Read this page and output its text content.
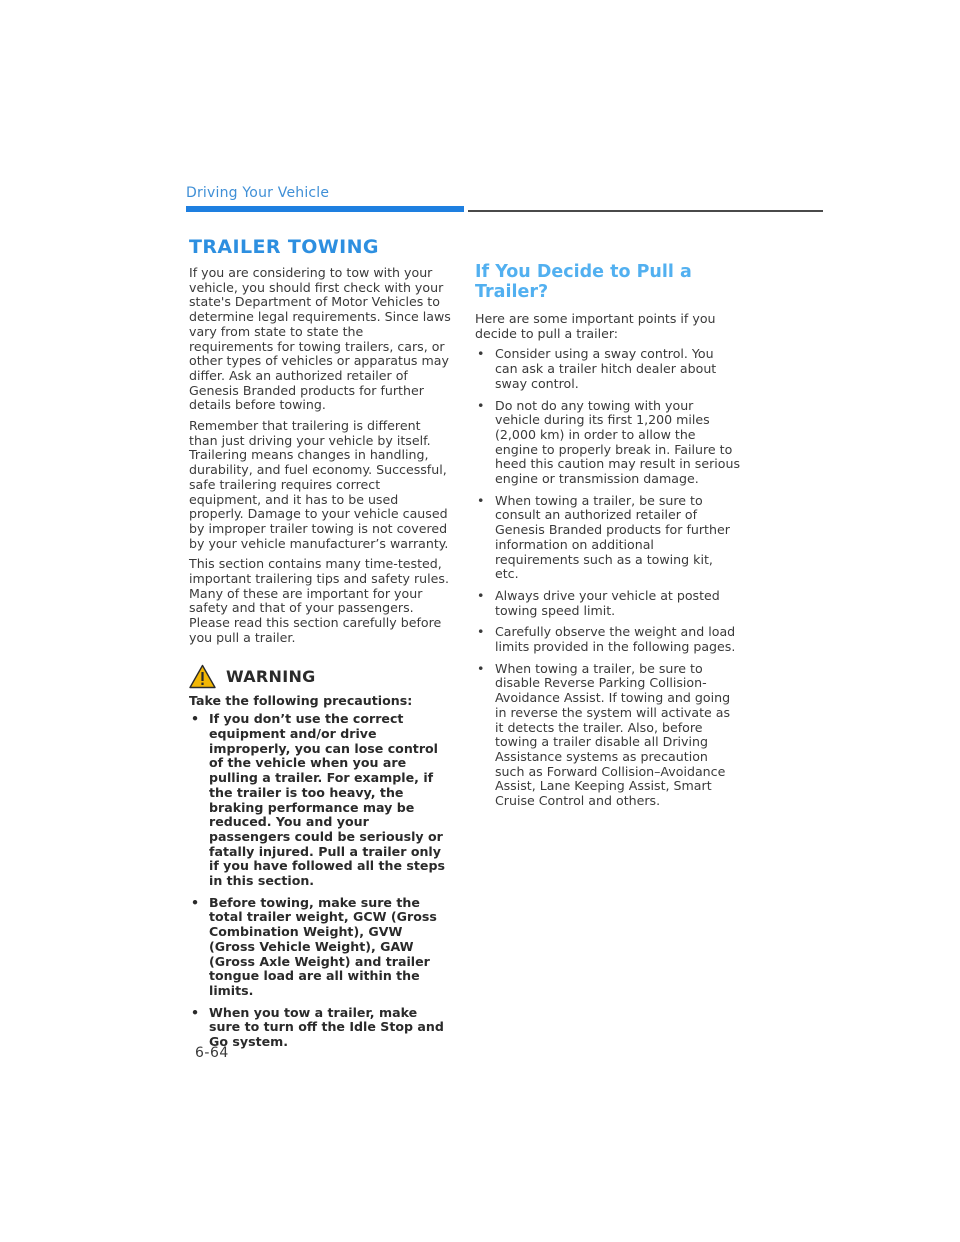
Driving Your Vehicle
TRAILER TOWING

If you are considering to tow with your vehicle, you should first check with your state's Department of Motor Vehicles to determine legal requirements. Since laws vary from state to state the requirements for towing trailers, cars, or other types of vehicles or apparatus may differ. Ask an authorized retailer of Genesis Branded products for further details before towing.

Remember that trailering is different than just driving your vehicle by itself. Trailering means changes in handling, durability, and fuel economy. Successful, safe trailering requires correct equipment, and it has to be used properly. Damage to your vehicle caused by improper trailer towing is not covered by your vehicle manufacturer’s warranty.

This section contains many time-tested, important trailering tips and safety rules. Many of these are important for your safety and that of your passengers. Please read this section carefully before you pull a trailer.

WARNING

Take the following precautions:

• If you don’t use the correct equipment and/or drive improperly, you can lose control of the vehicle when you are pulling a trailer. For example, if the trailer is too heavy, the braking performance may be reduced. You and your passengers could be seriously or fatally injured. Pull a trailer only if you have followed all the steps in this section.
• Before towing, make sure the total trailer weight, GCW (Gross Combination Weight), GVW (Gross Vehicle Weight), GAW (Gross Axle Weight) and trailer tongue load are all within the limits.
• When you tow a trailer, make sure to turn off the Idle Stop and Go system.
If You Decide to Pull a Trailer?

Here are some important points if you decide to pull a trailer:

• Consider using a sway control. You can ask a trailer hitch dealer about sway control.
• Do not do any towing with your vehicle during its first 1,200 miles (2,000 km) in order to allow the engine to properly break in. Failure to heed this caution may result in serious engine or transmission damage.
• When towing a trailer, be sure to consult an authorized retailer of Genesis Branded products for further information on additional requirements such as a towing kit, etc.
• Always drive your vehicle at posted towing speed limit.
• Carefully observe the weight and load limits provided in the following pages.
• When towing a trailer, be sure to disable Reverse Parking Collision-Avoidance Assist. If towing and going in reverse the system will activate as it detects the trailer. Also, before towing a trailer disable all Driving Assistance systems as precaution such as Forward Collision–Avoidance Assist, Lane Keeping Assist, Smart Cruise Control and others.
6-64
